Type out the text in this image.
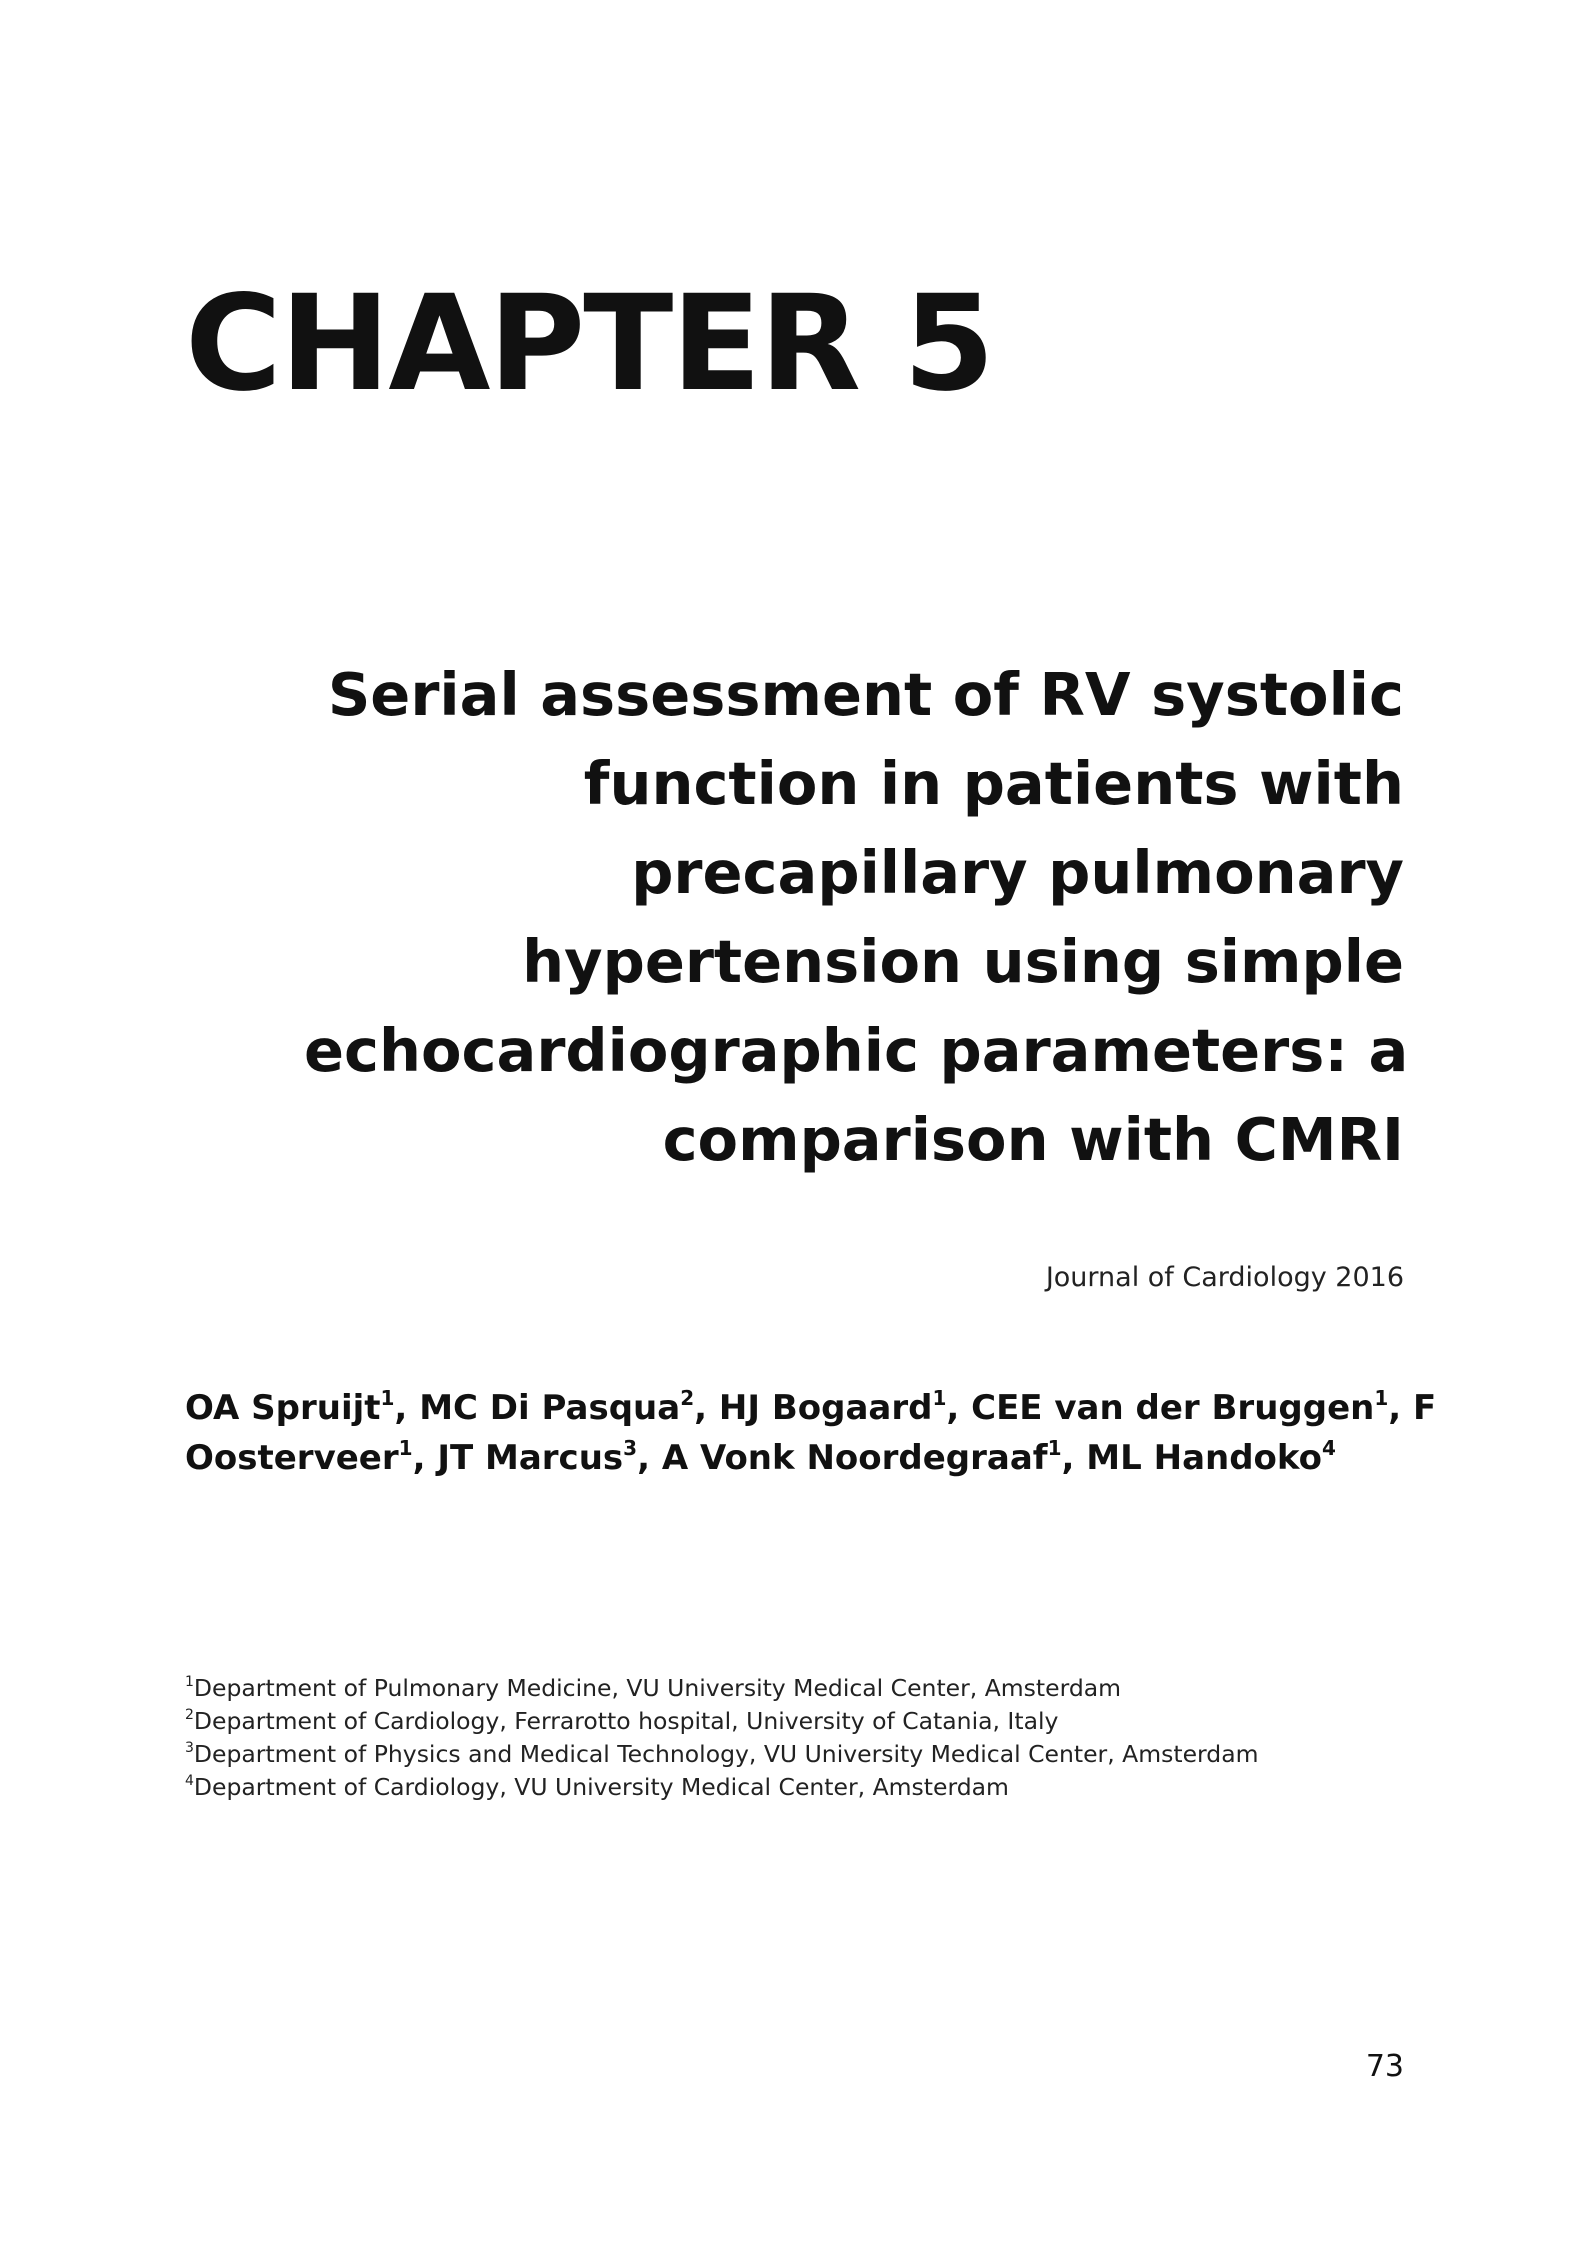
CHAPTER 5
Serial assessment of RV systolic
function in patients with
precapillary pulmonary
hypertension using simple
echocardiographic parameters: a
comparison with CMRI
Journal of Cardiology 2016
OA Spruijt$^1$, MC Di Pasqua$^2$, HJ Bogaard$^1$, CEE van der Bruggen$^1$, F
Oosterveer$^1$, JT Marcus$^3$, A Vonk Noordegraaf$^1$, ML Handoko$^4$
$^1$Department of Pulmonary Medicine, VU University Medical Center, Amsterdam
$^2$Department of Cardiology, Ferrarotto hospital, University of Catania, Italy
$^3$Department of Physics and Medical Technology, VU University Medical Center, Amsterdam
$^4$Department of Cardiology, VU University Medical Center, Amsterdam
73
